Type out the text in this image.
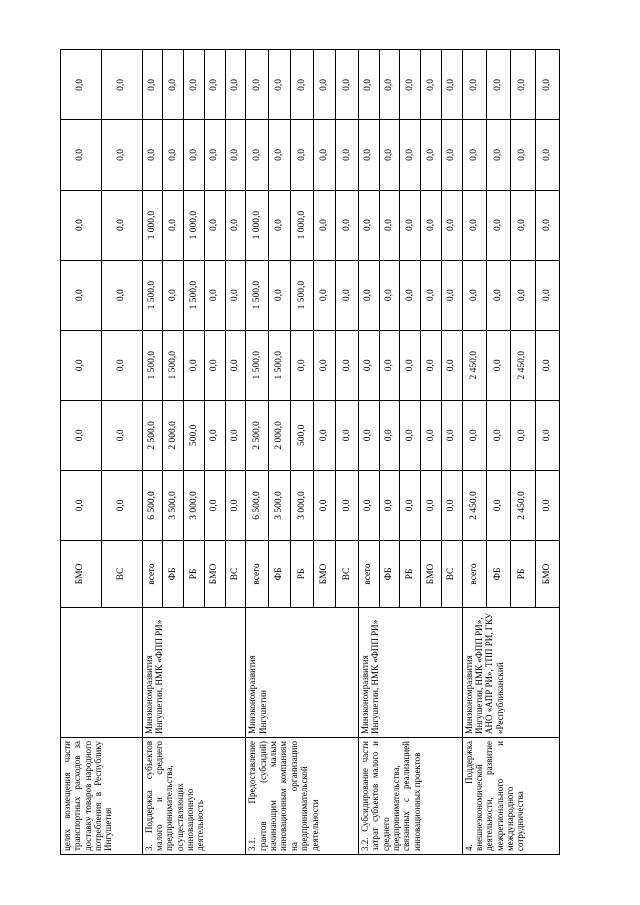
целях возмещения части транспортных расходов за доставку товаров народного потребления в Республику Ингушетия		БМО	0,0	0,0	0,0	0,0	0,0	0,0	0,0
		ВС	0,0	0,0	0,0	0,0	0,0	0,0	0,0
3. Поддержка субъектов малого и среднего предпринимательства, осуществляющих инновационную деятельность	Минэкономразвития Ингушетии, НМК «ФПП РИ»	всего	6 500,0	2 500,0	1 500,0	1 500,0	1 000,0	0,0	0,0
		ФБ	3 500,0	2 000,0	1 500,0	0,0	0,0	0,0	0,0
		РБ	3 000,0	500,0	0,0	1 500,0	1 000,0	0,0	0,0
		БМО	0,0	0,0	0,0	0,0	0,0	0,0	0,0
		ВС	0,0	0,0	0,0	0,0	0,0	0,0	0,0
3.1. Предоставление грантов (субсидий) начинающим малым инновационным компаниям на организацию предпринимательской деятельности	Минэкономразвития Ингушетии	всего	6 500,0	2 500,0	1 500,0	1 500,0	1 000,0	0,0	0,0
		ФБ	3 500,0	2 000,0	1 500,0	0,0	0,0	0,0	0,0
		РБ	3 000,0	500,0	0,0	1 500,0	1 000,0	0,0	0,0
		БМО	0,0	0,0	0,0	0,0	0,0	0,0	0,0
		ВС	0,0	0,0	0,0	0,0	0,0	0,0	0,0
3.2. Субсидирование части затрат субъектов малого и среднего предпринимательства, связанных с реализацией инновационных проектов	Минэкономразвития Ингушетии, НМК «ФПП РИ»	всего	0,0	0,0	0,0	0,0	0,0	0,0	0,0
		ФБ	0,0	0,0	0,0	0,0	0,0	0,0	0,0
		РБ	0,0	0,0	0,0	0,0	0,0	0,0	0,0
		БМО	0,0	0,0	0,0	0,0	0,0	0,0	0,0
		ВС	0,0	0,0	0,0	0,0	0,0	0,0	0,0
4. Поддержка внешнеэкономической деятельности, развитие межрегионального и международного сотрудничества	Минэкономразвития Ингушетии, НМК «ФПП РИ», АНО «АПР РИ», ТПП РИ, ГКУ «Республиканский	всего	2 450,0	0,0	2 450,0	0,0	0,0	0,0	0,0
		ФБ	0,0	0,0	0,0	0,0	0,0	0,0	0,0
		РБ	2 450,0	0,0	2 450,0	0,0	0,0	0,0	0,0
		БМО	0,0	0,0	0,0	0,0	0,0	0,0	0,0
